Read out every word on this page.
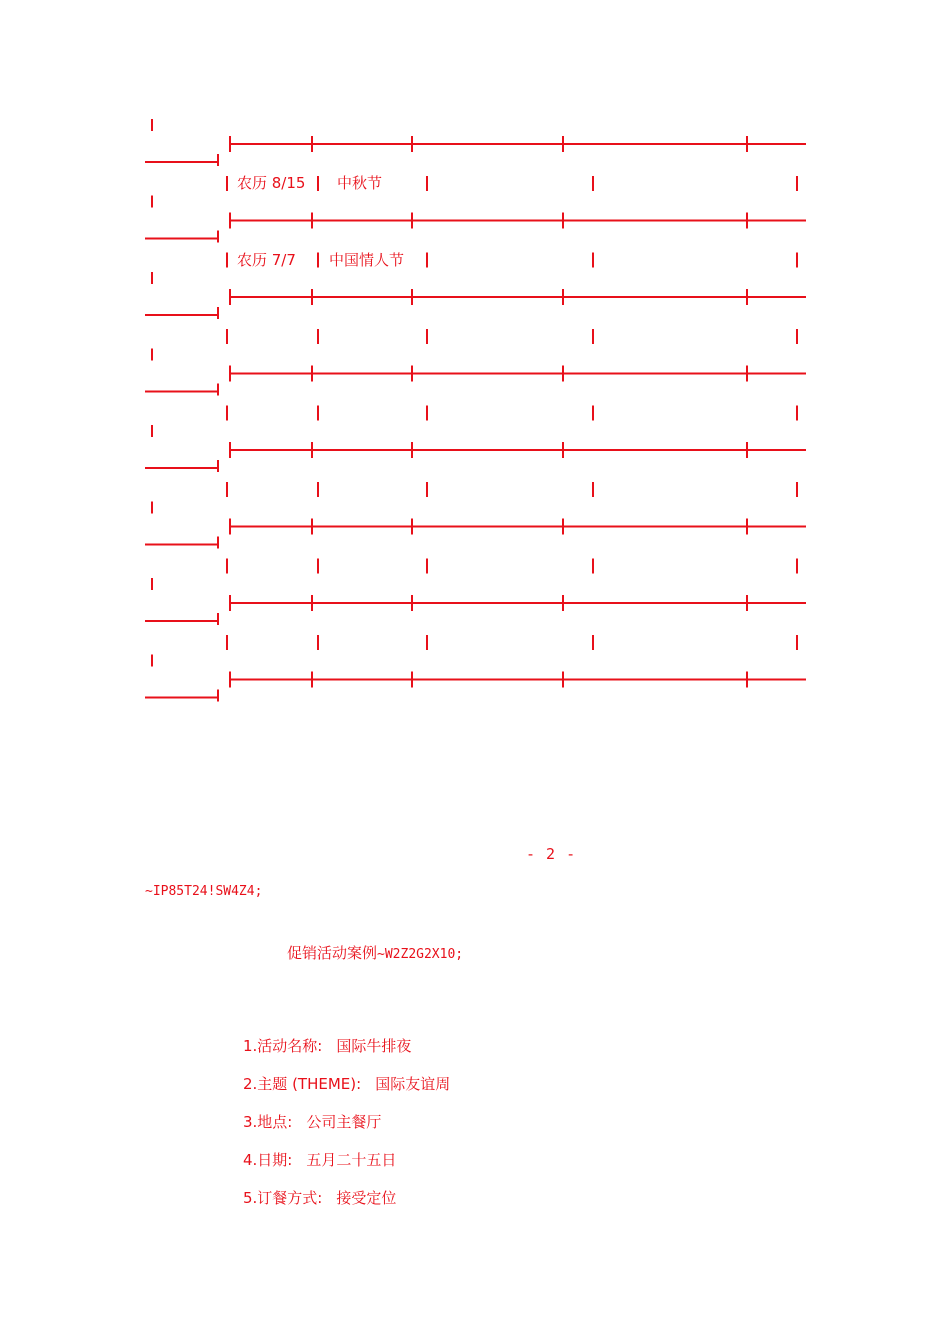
农历 8/15 中秋节
农历 7/7 中国情人节
- 2 -
~IP85T24!SW4Z4;
促销活动案例~W2Z2G2X10;
1.活动名称: 国际牛排夜
2.主题 (THEME): 国际友谊周
3.地点: 公司主餐厅
4.日期: 五月二十五日
5.订餐方式: 接受定位
